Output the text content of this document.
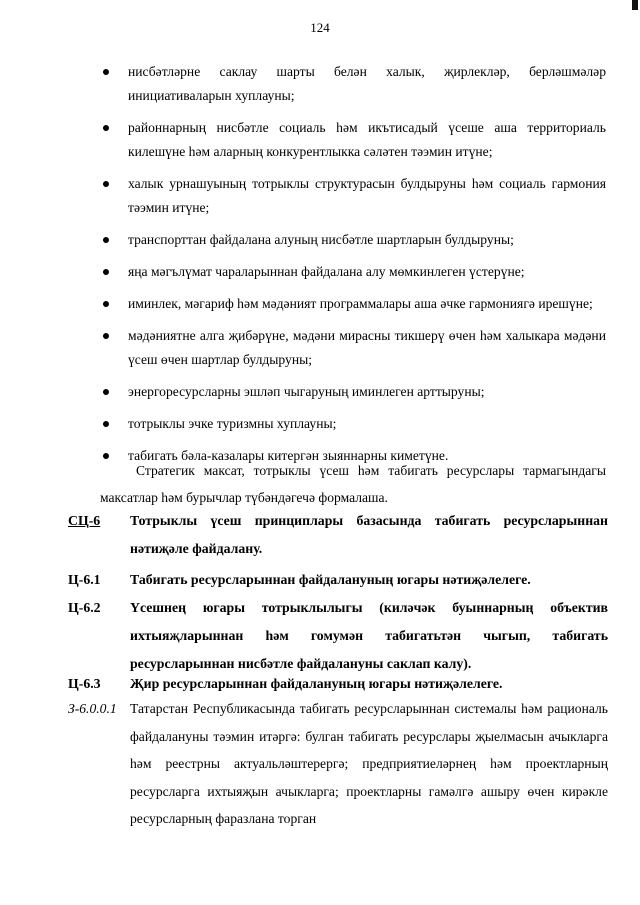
124
нисбәтләрне саклау шарты белән халык, җирлекләр, берләшмәләр инициативаларын хуплауны;
районнарның нисбәтле социаль һәм икътисадый үсеше аша территориаль килешүне һәм аларның конкурентлыкка сәләтен тәэмин итүне;
халык урнашуының тотрыклы структурасын булдыруны һәм социаль гармония тәэмин итүне;
транспорттан файдалана алуның нисбәтле шартларын булдыруны;
яңа мәгълүмат чараларыннан файдалана алу мөмкинлеген үстерүне;
иминлек, мәгариф һәм мәдәният программалары аша әчке гармониягә ирешүне;
мәдәниятне алга җибәрүне, мәдәни мирасны тикшерү өчен һәм халыкара мәдәни үсеш өчен шартлар булдыруны;
энергоресурсларны эшләп чыгаруның иминлеген арттыруны;
тотрыклы эчке туризмны хуплауны;
табигать бәла-казалары китергән зыяннарны киметүне.

Стратегик максат, тотрыклы үсеш һәм табигать ресурслары тармагындагы максатлар һәм бурычлар түбәндәгечә формалаша.

СЦ-6	Тотрыклы үсеш принциплары базасында табигать ресурсларыннан нәтиҗәле файдалану.
Ц-6.1	Табигать ресурсларыннан файдалануның югары нәтиҗәлелеге.
Ц-6.2	Үсешнең югары тотрыклылыгы (киләчәк буыннарның объектив ихтыяҗларыннан һәм гомумән табигатьтән чыгып, табигать ресурсларыннан нисбәтле файдалануны саклап калу).
Ц-6.3	Җир ресурсларыннан файдалануның югары нәтиҗәлелеге.
З-6.0.0.1 Татарстан Республикасында табигать ресурсларыннан системалы һәм рациональ файдалануны тәэмин итәргә: булган табигать ресурслары җыелмасын ачыкларга һәм реестрны актуальләштерергә; предприятиеләрнең һәм проектларның ресурсларга ихтыяҗын ачыкларга; проектларны гамәлгә ашыру өчен кирәкле ресурсларның фаразлана торган
